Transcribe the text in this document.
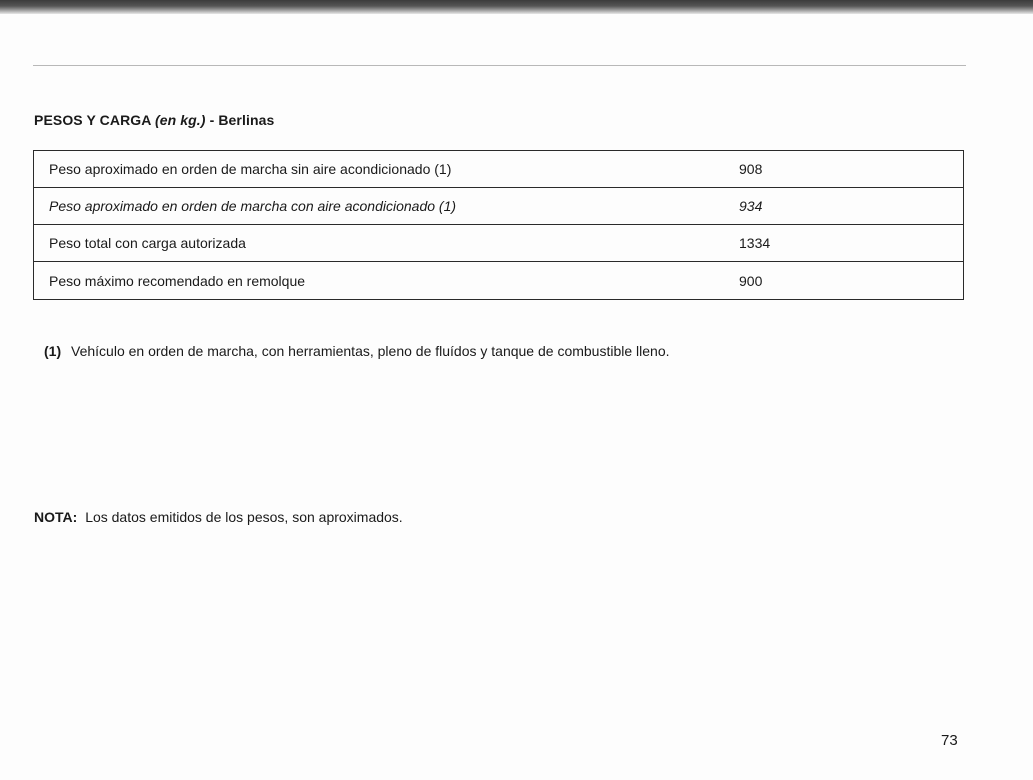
PESOS Y CARGA (en kg.) - Berlinas
Peso aproximado en orden de marcha sin aire acondicionado (1)	908
Peso aproximado en orden de marcha con aire acondicionado (1)	934
Peso total con carga autorizada	1334
Peso máximo recomendado en remolque	900
(1) Vehículo en orden de marcha, con herramientas, pleno de fluídos y tanque de combustible lleno.
NOTA: Los datos emitidos de los pesos, son aproximados.
73
